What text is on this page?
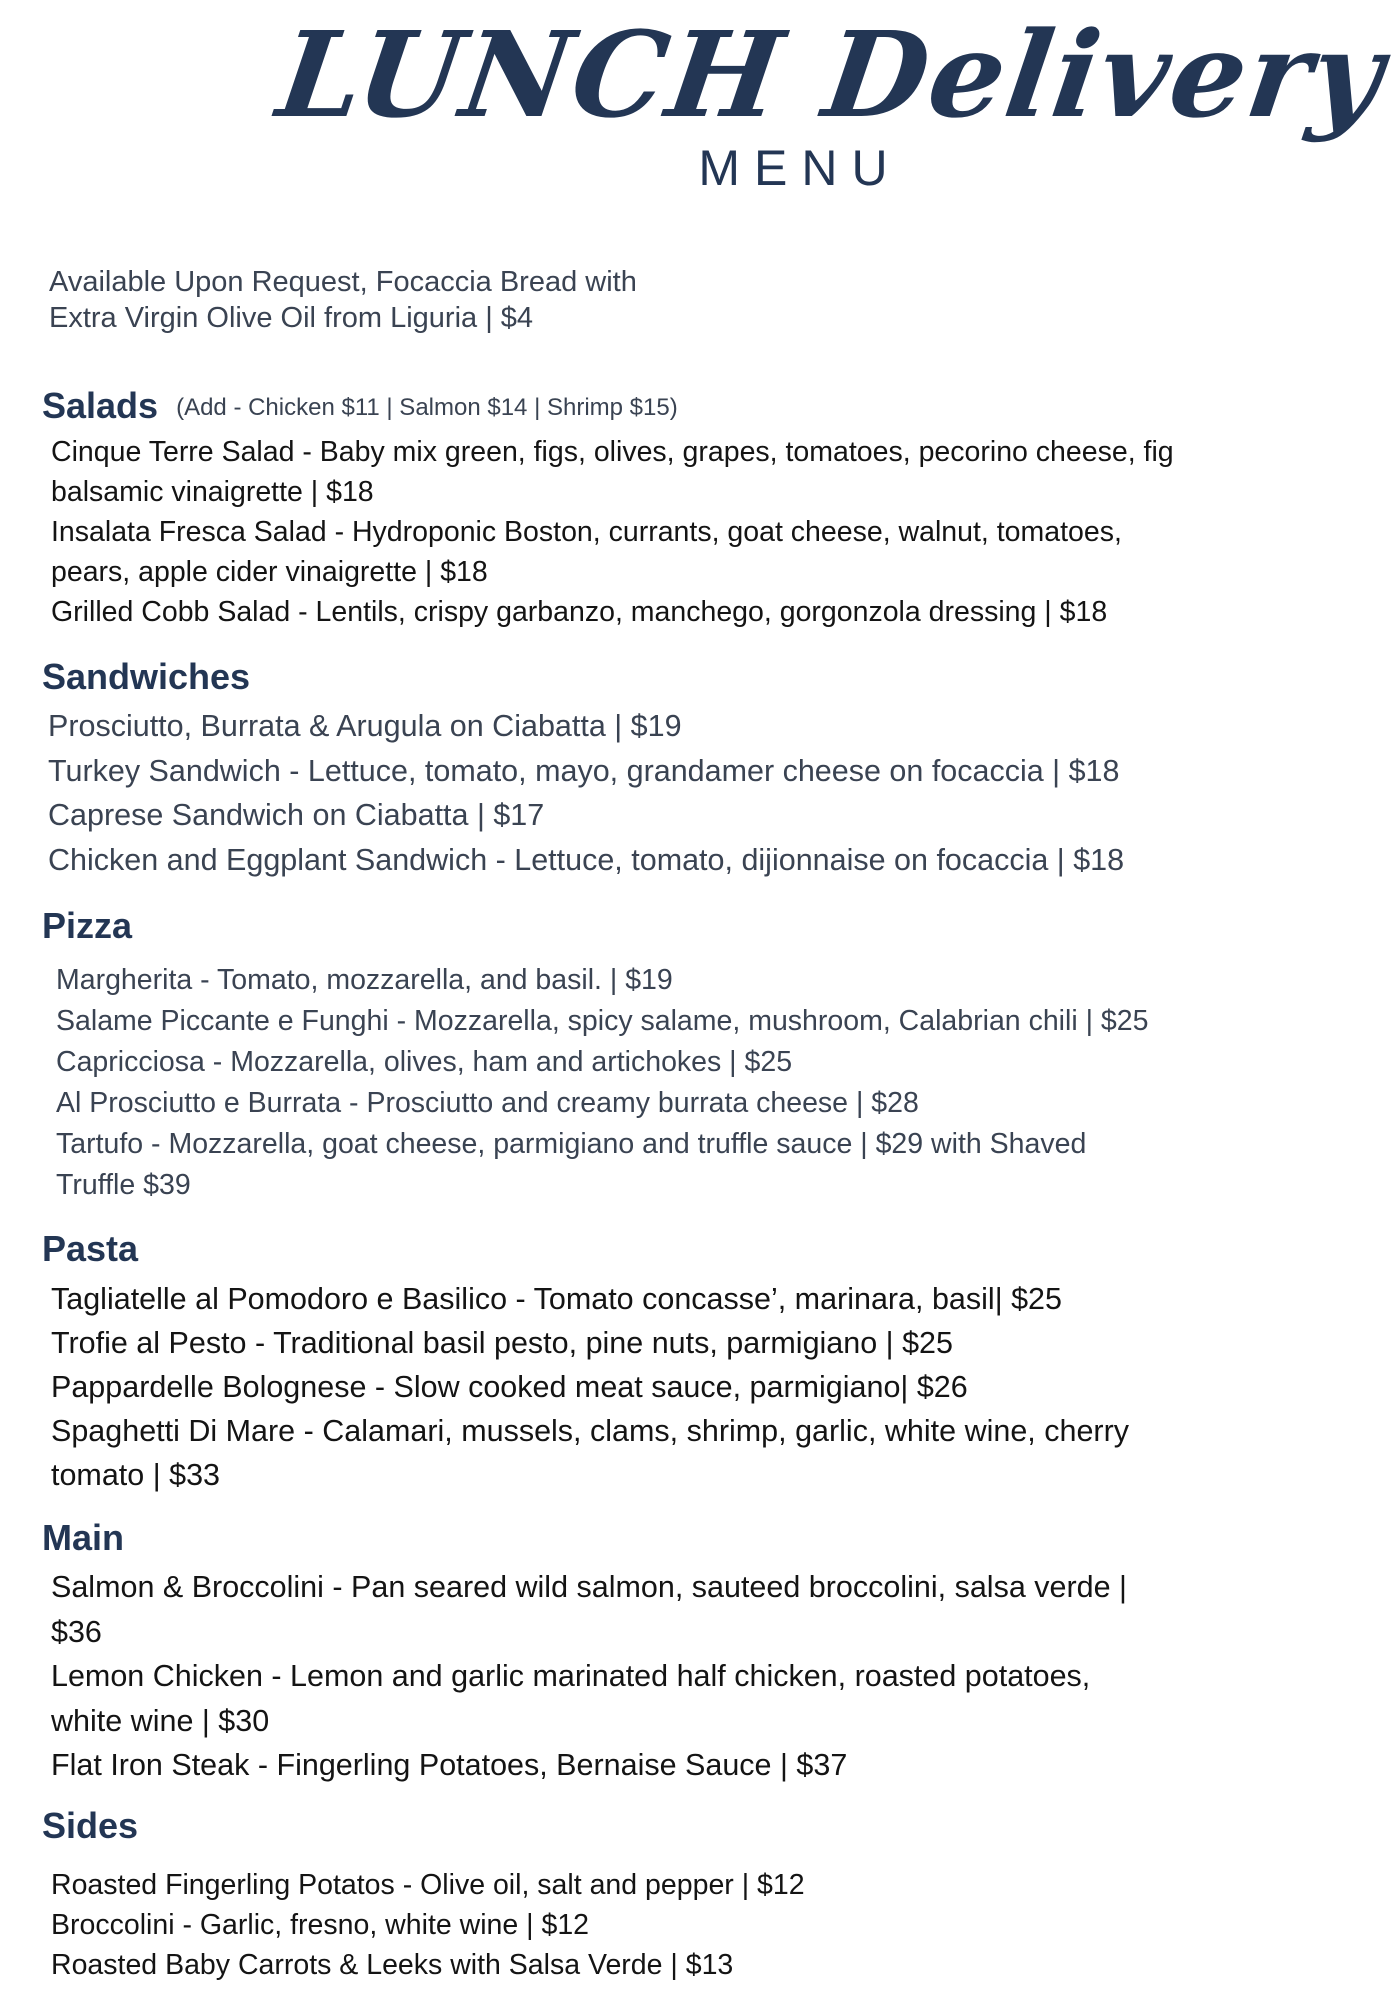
LUNCH Delivery
MENU
Available Upon Request, Focaccia Bread with
Extra Virgin Olive Oil from Liguria | $4
Salads (Add - Chicken $11 | Salmon $14 | Shrimp $15)
Cinque Terre Salad - Baby mix green, figs, olives, grapes, tomatoes, pecorino cheese, fig
balsamic vinaigrette | $18
Insalata Fresca Salad - Hydroponic Boston, currants, goat cheese, walnut, tomatoes,
pears, apple cider vinaigrette | $18
Grilled Cobb Salad - Lentils, crispy garbanzo, manchego, gorgonzola dressing | $18
Sandwiches
Prosciutto, Burrata & Arugula on Ciabatta | $19
Turkey Sandwich - Lettuce, tomato, mayo, grandamer cheese on focaccia | $18
Caprese Sandwich on Ciabatta | $17
Chicken and Eggplant Sandwich - Lettuce, tomato, dijionnaise on focaccia | $18
Pizza
Margherita - Tomato, mozzarella, and basil. | $19
Salame Piccante e Funghi - Mozzarella, spicy salame, mushroom, Calabrian chili | $25
Capricciosa - Mozzarella, olives, ham and artichokes | $25
Al Prosciutto e Burrata - Prosciutto and creamy burrata cheese | $28
Tartufo - Mozzarella, goat cheese, parmigiano and truffle sauce | $29 with Shaved
Truffle $39
Pasta
Tagliatelle al Pomodoro e Basilico - Tomato concasse’, marinara, basil| $25
Trofie al Pesto - Traditional basil pesto, pine nuts, parmigiano | $25
Pappardelle Bolognese - Slow cooked meat sauce, parmigiano| $26
Spaghetti Di Mare - Calamari, mussels, clams, shrimp, garlic, white wine, cherry
tomato | $33
Main
Salmon & Broccolini - Pan seared wild salmon, sauteed broccolini, salsa verde |
$36
Lemon Chicken - Lemon and garlic marinated half chicken, roasted potatoes,
white wine | $30
Flat Iron Steak - Fingerling Potatoes, Bernaise Sauce | $37
Sides
Roasted Fingerling Potatos - Olive oil, salt and pepper | $12
Broccolini - Garlic, fresno, white wine | $12
Roasted Baby Carrots & Leeks with Salsa Verde | $13
